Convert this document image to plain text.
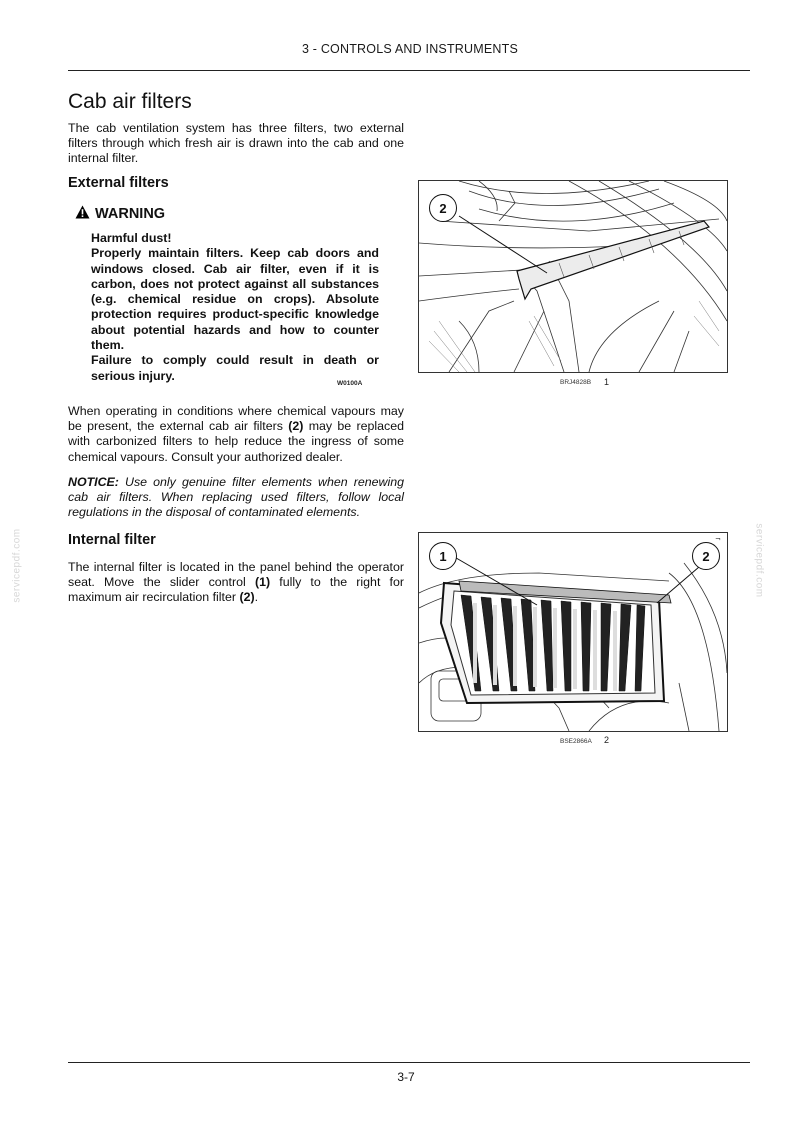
3 - CONTROLS AND INSTRUMENTS
Cab air filters

The cab ventilation system has three filters, two external filters through which fresh air is drawn into the cab and one internal filter.

External filters
WARNING

Harmful dust!

Properly maintain filters. Keep cab doors and windows closed. Cab air filter, even if it is carbon, does not protect against all substances (e.g. chemical residue on crops). Absolute protection requires product-specific knowledge about potential hazards and how to counter them.

Failure to comply could result in death or serious injury.

W0100A

When operating in conditions where chemical vapours may be present, the external cab air filters (2) may be replaced with carbonized filters to help reduce the ingress of some chemical vapours. Consult your authorized dealer.

NOTICE: Use only genuine filter elements when renewing cab air filters. When replacing used filters, follow local regulations in the disposal of contaminated elements.

Internal filter

The internal filter is located in the panel behind the operator seat. Move the slider control (1) fully to the right for maximum air recirculation filter (2).

2
BRJ4828B 1
¬
1	2
BSE2866A 2
servicepdf.com	servicepdf.com
3-7
